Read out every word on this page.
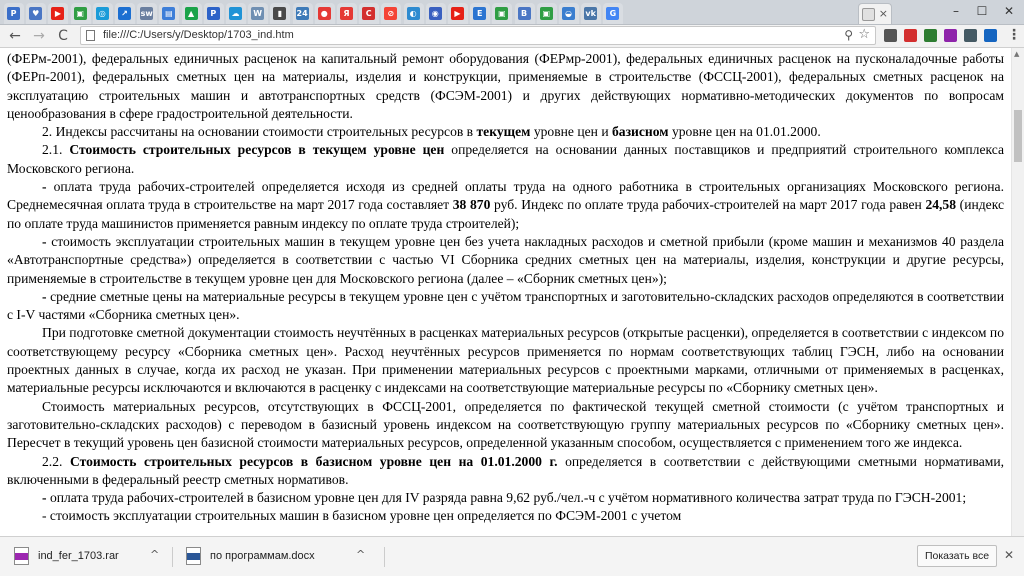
–	☐	✕
P	♥	▶	▣	◎	↗	sw	▤	▲	P	☁	W	▮	24	●	Я	C	⊘	◐	◉	▶	E	▣	B	▣	◒	vk	G	×
← → C	file:///C:/Users/y/Desktop/1703_ind.htm	⚲ ☆	⋮

(ФЕРм-2001), федеральных единичных расценок на капитальный ремонт оборудования (ФЕРмр-2001), федеральных единичных расценок на пусконаладочные работы (ФЕРп-2001), федеральных сметных цен на материалы, изделия и конструкции, применяемые в строительстве (ФССЦ-2001), федеральных сметных расценок на эксплуатацию строительных машин и автотранспортных средств (ФСЭМ-2001) и других действующих нормативно-методических документов по вопросам ценообразования в сфере градостроительной деятельности.

2. Индексы рассчитаны на основании стоимости строительных ресурсов в текущем уровне цен и базисном уровне цен на 01.01.2000.

2.1. Стоимость строительных ресурсов в текущем уровне цен определяется на основании данных поставщиков и предприятий строительного комплекса Московского региона.

- оплата труда рабочих-строителей определяется исходя из средней оплаты труда на одного работника в строительных организациях Московского региона. Среднемесячная оплата труда в строительстве на март 2017 года составляет 38 870 руб. Индекс по оплате труда рабочих-строителей на март 2017 года равен 24,58 (индекс по оплате труда машинистов применяется равным индексу по оплате труда строителей);

- стоимость эксплуатации строительных машин в текущем уровне цен без учета накладных расходов и сметной прибыли (кроме машин и механизмов 40 раздела «Автотранспортные средства») определяется в соответствии с частью VI Сборника средних сметных цен на материалы, изделия, конструкции и другие ресурсы, применяемые в строительстве в текущем уровне цен для Московского региона (далее – «Сборник сметных цен»);

- средние сметные цены на материальные ресурсы в текущем уровне цен с учётом транспортных и заготовительно-складских расходов определяются в соответствии с I-V частями «Сборника сметных цен».

При подготовке сметной документации стоимость неучтённых в расценках материальных ресурсов (открытые расценки), определяется в соответствии с индексом по соответствующему ресурсу «Сборника сметных цен». Расход неучтённых ресурсов применяется по нормам соответствующих таблиц ГЭСН, либо на основании проектных данных в случае, когда их расход не указан. При применении материальных ресурсов с проектными марками, отличными от применяемых в расценках, материальные ресурсы исключаются и включаются в расценку с индексами на соответствующие материальные ресурсы по «Сборнику сметных цен».

Стоимость материальных ресурсов, отсутствующих в ФССЦ-2001, определяется по фактической текущей сметной стоимости (с учётом транспортных и заготовительно-складских расходов) с переводом в базисный уровень индексом на соответствующую группу материальных ресурсов по «Сборнику сметных цен». Пересчет в текущий уровень цен базисной стоимости материальных ресурсов, определенной указанным способом, осуществляется с применением того же индекса.

2.2. Стоимость строительных ресурсов в базисном уровне цен на 01.01.2000 г. определяется в соответствии с действующими сметными нормативами, включенными в федеральный реестр сметных нормативов.

- оплата труда рабочих-строителей в базисном уровне цен для IV разряда равна 9,62 руб./чел.-ч с учётом нормативного количества затрат труда по ГЭСН-2001;

- стоимость эксплуатации строительных машин в базисном уровне цен определяется по ФСЭМ-2001 с учетом

▲
ind_fer_1703.rar	^	по программам.docx	^	Показать все	✕
